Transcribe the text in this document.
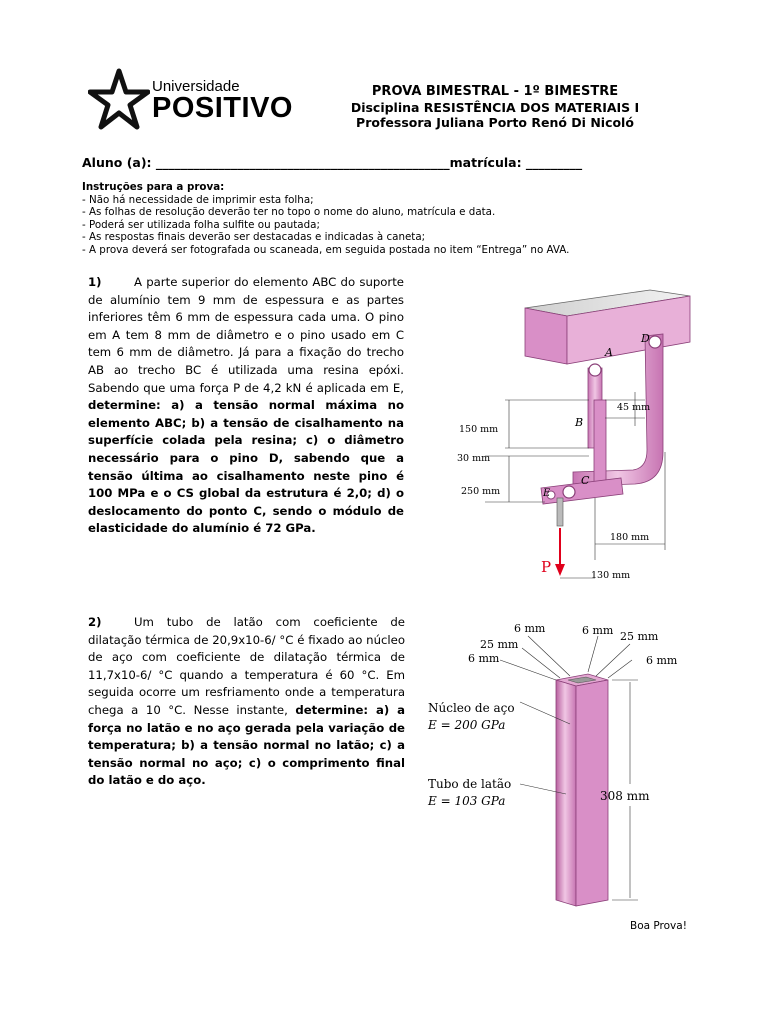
Universidade
POSITIVO
PROVA BIMESTRAL - 1º BIMESTRE
Disciplina RESISTÊNCIA DOS MATERIAIS I
Professora Juliana Porto Renó Di Nicoló
Aluno (a): _______________________________________________matrícula: _________
Instruções para a prova:
- Não há necessidade de imprimir esta folha;
- As folhas de resolução deverão ter no topo o nome do aluno, matrícula e data.
- Poderá ser utilizada folha sulfite ou pautada;
- As respostas finais deverão ser destacadas e indicadas à caneta;
- A prova deverá ser fotografada ou scaneada, em seguida postada no item “Entrega” no AVA.
1)	A parte superior do elemento ABC do suporte de alumínio tem 9 mm de espessura e as partes inferiores têm 6 mm de espessura cada uma. O pino em A tem 8 mm de diâmetro e o pino usado em C tem 6 mm de diâmetro. Já para a fixação do trecho AB ao trecho BC é utilizada uma resina epóxi. Sabendo que uma força P de 4,2 kN é aplicada em E, determine: a) a tensão normal máxima no elemento ABC; b) a tensão de cisalhamento na superfície colada pela resina; c) o diâmetro necessário para o pino D, sabendo que a tensão última ao cisalhamento neste pino é 100 MPa e o CS global da estrutura é 2,0; d) o deslocamento do ponto C, sendo o módulo de elasticidade do alumínio é 72 GPa.
A
B
C
D
E
P
45 mm
150 mm
30 mm
250 mm
180 mm
130 mm
2)	Um tubo de latão com coeficiente de dilatação térmica de 20,9x10-6/ °C é fixado ao núcleo de aço com coeficiente de dilatação térmica de 11,7x10-6/ °C quando a temperatura é 60 °C. Em seguida ocorre um resfriamento onde a temperatura chega a 10 °C. Nesse instante, determine: a) a força no latão e no aço gerada pela variação de temperatura; b) a tensão normal no latão; c) a tensão normal no aço; c) o comprimento final do latão e do aço.
6 mm	6 mm
25 mm
25 mm
6 mm	6 mm
Núcleo de aço
E = 200 GPa
Tubo de latão
E = 103 GPa	308 mm
Boa Prova!
